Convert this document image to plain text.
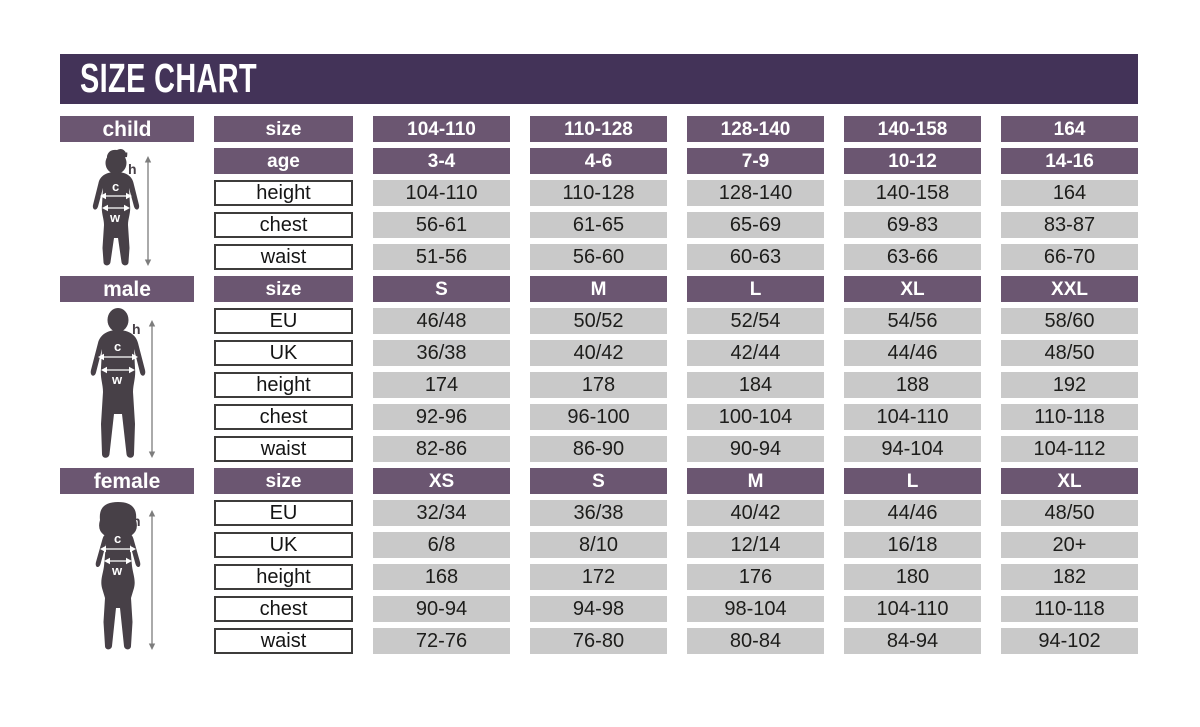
SIZE CHART
child
h
c
w
size	104-110	110-128	128-140	140-158	164
age	3-4	4-6	7-9	10-12	14-16
height	104-110	110-128	128-140	140-158	164
chest	56-61	61-65	65-69	69-83	83-87
waist	51-56	56-60	60-63	63-66	66-70
male
h
c
w
size	S	M	L	XL	XXL
EU	46/48	50/52	52/54	54/56	58/60
UK	36/38	40/42	42/44	44/46	48/50
height	174	178	184	188	192
chest	92-96	96-100	100-104	104-110	110-118
waist	82-86	86-90	90-94	94-104	104-112
female
h
c
w
size	XS	S	M	L	XL
EU	32/34	36/38	40/42	44/46	48/50
UK	6/8	8/10	12/14	16/18	20+
height	168	172	176	180	182
chest	90-94	94-98	98-104	104-110	110-118
waist	72-76	76-80	80-84	84-94	94-102
